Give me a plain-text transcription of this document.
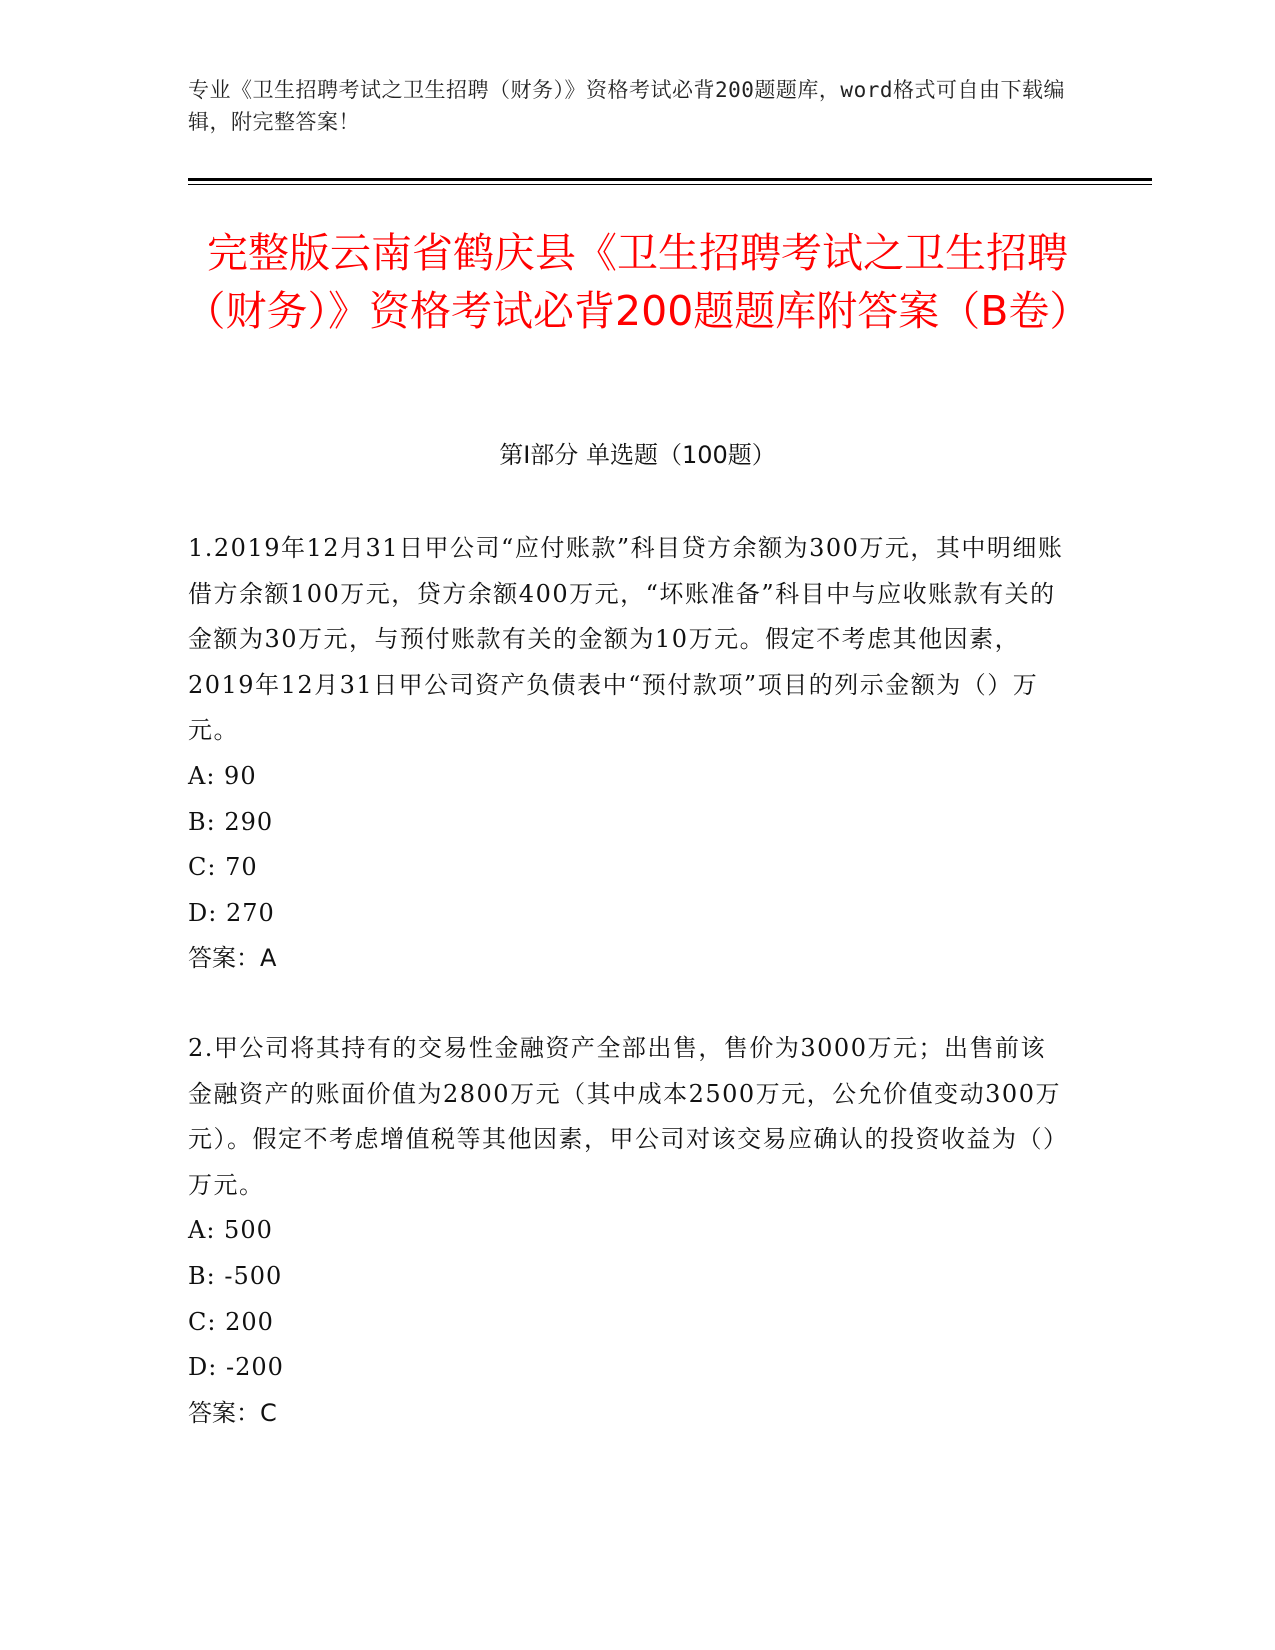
专业《卫生招聘考试之卫生招聘（财务）》资格考试必背200题题库，word格式可自由下载编辑，附完整答案！
完整版云南省鹤庆县《卫生招聘考试之卫生招聘（财务）》资格考试必背200题题库附答案（B卷）
第Ⅰ部分 单选题（100题）
1.2019年12月31日甲公司“应付账款”科目贷方余额为300万元，其中明细账借方余额100万元，贷方余额400万元，“坏账准备”科目中与应收账款有关的金额为30万元，与预付账款有关的金额为10万元。假定不考虑其他因素，2019年12月31日甲公司资产负债表中“预付款项”项目的列示金额为（）万元。
A: 90
B: 290
C: 70
D: 270
答案：A
2.甲公司将其持有的交易性金融资产全部出售，售价为3000万元；出售前该金融资产的账面价值为2800万元（其中成本2500万元，公允价值变动300万元）。假定不考虑增值税等其他因素，甲公司对该交易应确认的投资收益为（）万元。
A: 500
B: -500
C: 200
D: -200
答案：C
